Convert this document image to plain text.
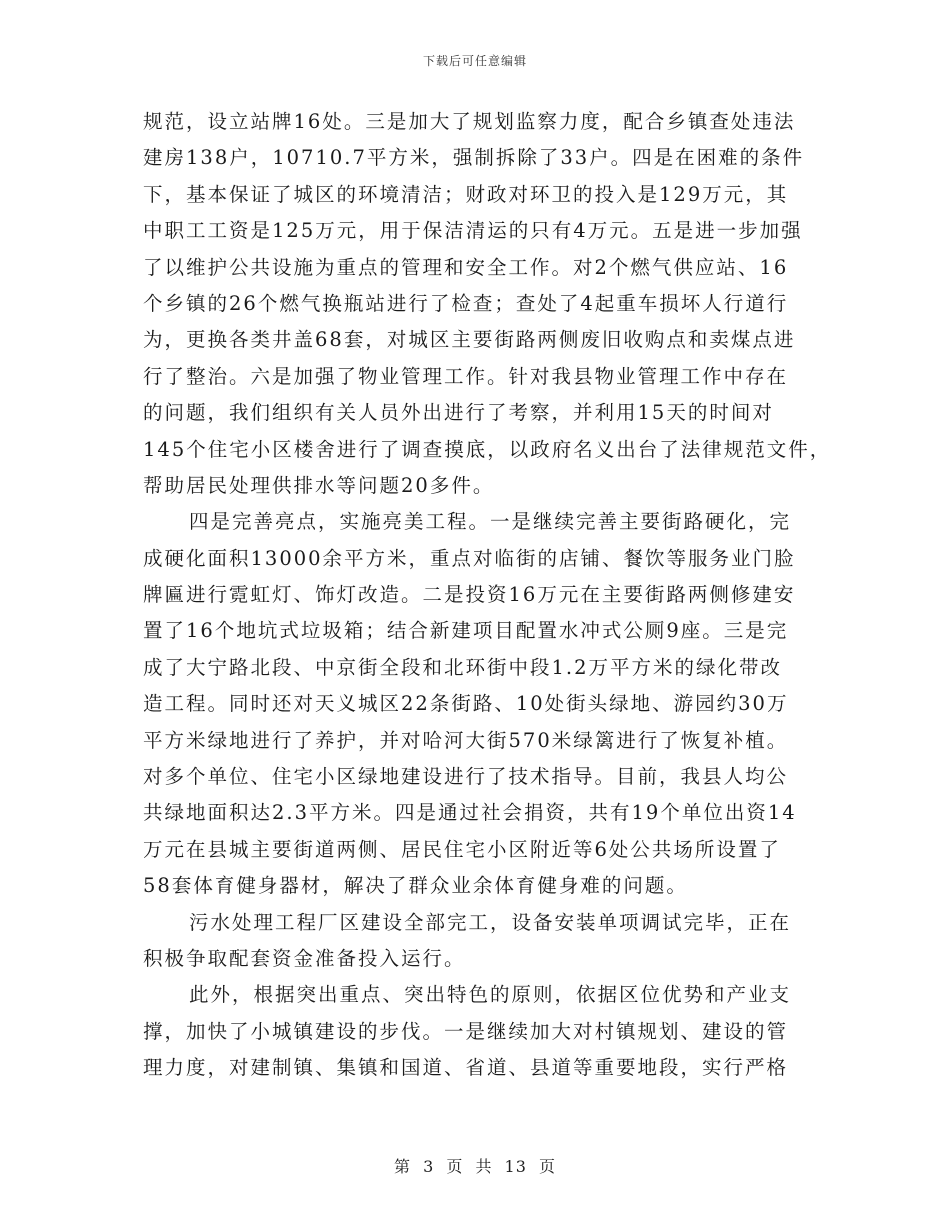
下载后可任意编辑
规范，设立站牌16处。三是加大了规划监察力度，配合乡镇查处违法
建房138户，10710.7平方米，强制拆除了33户。四是在困难的条件
下，基本保证了城区的环境清洁；财政对环卫的投入是129万元，其
中职工工资是125万元，用于保洁清运的只有4万元。五是进一步加强
了以维护公共设施为重点的管理和安全工作。对2个燃气供应站、16
个乡镇的26个燃气换瓶站进行了检查；查处了4起重车损坏人行道行
为，更换各类井盖68套，对城区主要街路两侧废旧收购点和卖煤点进
行了整治。六是加强了物业管理工作。针对我县物业管理工作中存在
的问题，我们组织有关人员外出进行了考察，并利用15天的时间对
145个住宅小区楼舍进行了调查摸底，以政府名义出台了法律规范文件，
帮助居民处理供排水等问题20多件。
四是完善亮点，实施亮美工程。一是继续完善主要街路硬化，完
成硬化面积13000余平方米，重点对临街的店铺、餐饮等服务业门脸
牌匾进行霓虹灯、饰灯改造。二是投资16万元在主要街路两侧修建安
置了16个地坑式垃圾箱；结合新建项目配置水冲式公厕9座。三是完
成了大宁路北段、中京街全段和北环街中段1.2万平方米的绿化带改
造工程。同时还对天义城区22条街路、10处街头绿地、游园约30万
平方米绿地进行了养护，并对哈河大街570米绿篱进行了恢复补植。
对多个单位、住宅小区绿地建设进行了技术指导。目前，我县人均公
共绿地面积达2.3平方米。四是通过社会捐资，共有19个单位出资14
万元在县城主要街道两侧、居民住宅小区附近等6处公共场所设置了
58套体育健身器材，解决了群众业余体育健身难的问题。
污水处理工程厂区建设全部完工，设备安装单项调试完毕，正在
积极争取配套资金准备投入运行。
此外，根据突出重点、突出特色的原则，依据区位优势和产业支
撑，加快了小城镇建设的步伐。一是继续加大对村镇规划、建设的管
理力度，对建制镇、集镇和国道、省道、县道等重要地段，实行严格
第 3 页 共 13 页
